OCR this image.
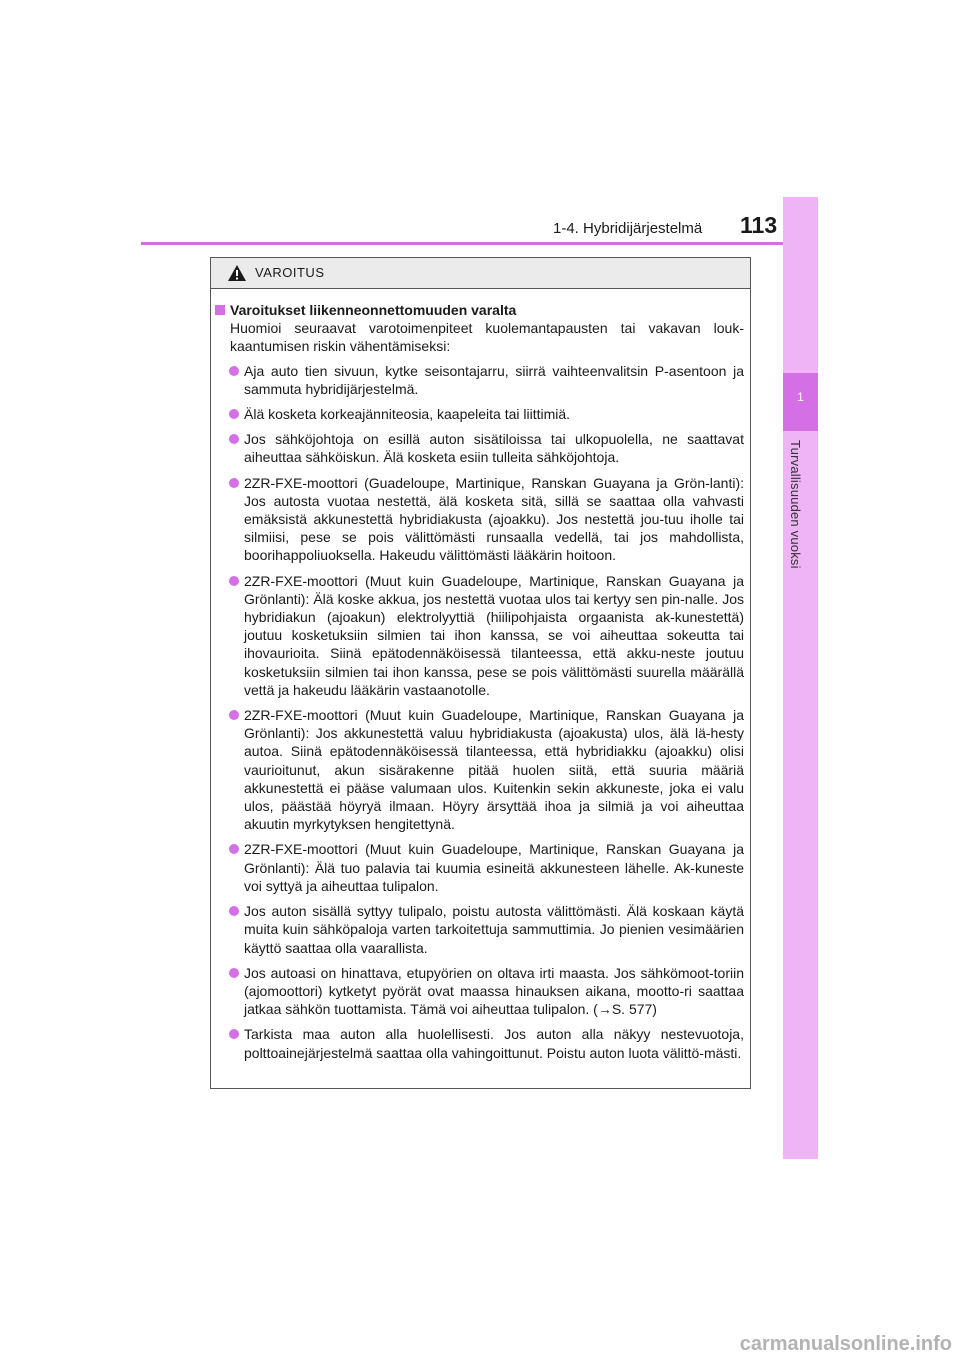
1
Turvallisuuden vuoksi
1-4. Hybridijärjestelmä 113
VAROITUS
Varoitukset liikenneonnettomuuden varalta
Huomioi seuraavat varotoimenpiteet kuolemantapausten tai vakavan louk-kaantumisen riskin vähentämiseksi:
Aja auto tien sivuun, kytke seisontajarru, siirrä vaihteenvalitsin P-asentoon ja sammuta hybridijärjestelmä.
Älä kosketa korkeajänniteosia, kaapeleita tai liittimiä.
Jos sähköjohtoja on esillä auton sisätiloissa tai ulkopuolella, ne saattavat aiheuttaa sähköiskun. Älä kosketa esiin tulleita sähköjohtoja.
2ZR-FXE-moottori (Guadeloupe, Martinique, Ranskan Guayana ja Grön-lanti): Jos autosta vuotaa nestettä, älä kosketa sitä, sillä se saattaa olla vahvasti emäksistä akkunestettä hybridiakusta (ajoakku). Jos nestettä jou-tuu iholle tai silmiisi, pese se pois välittömästi runsaalla vedellä, tai jos mahdollista, boorihappoliuoksella. Hakeudu välittömästi lääkärin hoitoon.
2ZR-FXE-moottori (Muut kuin Guadeloupe, Martinique, Ranskan Guayana ja Grönlanti): Älä koske akkua, jos nestettä vuotaa ulos tai kertyy sen pin-nalle. Jos hybridiakun (ajoakun) elektrolyyttiä (hiilipohjaista orgaanista ak-kunestettä) joutuu kosketuksiin silmien tai ihon kanssa, se voi aiheuttaa sokeutta tai ihovaurioita. Siinä epätodennäköisessä tilanteessa, että akku-neste joutuu kosketuksiin silmien tai ihon kanssa, pese se pois välittömästi suurella määrällä vettä ja hakeudu lääkärin vastaanotolle.
2ZR-FXE-moottori (Muut kuin Guadeloupe, Martinique, Ranskan Guayana ja Grönlanti): Jos akkunestettä valuu hybridiakusta (ajoakusta) ulos, älä lä-hesty autoa. Siinä epätodennäköisessä tilanteessa, että hybridiakku (ajoakku) olisi vaurioitunut, akun sisärakenne pitää huolen siitä, että suuria määriä akkunestettä ei pääse valumaan ulos. Kuitenkin sekin akkuneste, joka ei valu ulos, päästää höyryä ilmaan. Höyry ärsyttää ihoa ja silmiä ja voi aiheuttaa akuutin myrkytyksen hengitettynä.
2ZR-FXE-moottori (Muut kuin Guadeloupe, Martinique, Ranskan Guayana ja Grönlanti): Älä tuo palavia tai kuumia esineitä akkunesteen lähelle. Ak-kuneste voi syttyä ja aiheuttaa tulipalon.
Jos auton sisällä syttyy tulipalo, poistu autosta välittömästi. Älä koskaan käytä muita kuin sähköpaloja varten tarkoitettuja sammuttimia. Jo pienien vesimäärien käyttö saattaa olla vaarallista.
Jos autoasi on hinattava, etupyörien on oltava irti maasta. Jos sähkömoot-toriin (ajomoottori) kytketyt pyörät ovat maassa hinauksen aikana, mootto-ri saattaa jatkaa sähkön tuottamista. Tämä voi aiheuttaa tulipalon. (→S. 577)
Tarkista maa auton alla huolellisesti. Jos auton alla näkyy nestevuotoja, polttoainejärjestelmä saattaa olla vahingoittunut. Poistu auton luota välittö-mästi.
carmanualsonline.info
